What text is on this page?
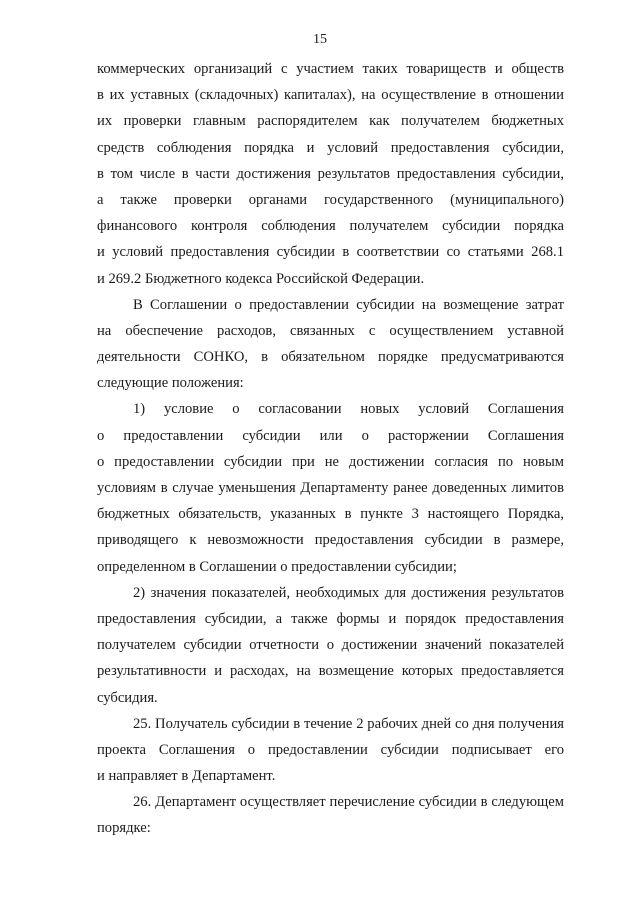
15
коммерческих организаций с участием таких товариществ и обществ
в их уставных (складочных) капиталах), на осуществление в отношении
их проверки главным распорядителем как получателем бюджетных
средств соблюдения порядка и условий предоставления субсидии,
в том числе в части достижения результатов предоставления субсидии,
а также проверки органами государственного (муниципального)
финансового контроля соблюдения получателем субсидии порядка
и условий предоставления субсидии в соответствии со статьями 268.1
и 269.2 Бюджетного кодекса Российской Федерации.
В Соглашении о предоставлении субсидии на возмещение затрат
на обеспечение расходов, связанных с осуществлением уставной
деятельности СОНКО, в обязательном порядке предусматриваются
следующие положения:
1) условие о согласовании новых условий Соглашения
о предоставлении субсидии или о расторжении Соглашения
о предоставлении субсидии при не достижении согласия по новым
условиям в случае уменьшения Департаменту ранее доведенных лимитов
бюджетных обязательств, указанных в пункте 3 настоящего Порядка,
приводящего к невозможности предоставления субсидии в размере,
определенном в Соглашении о предоставлении субсидии;
2) значения показателей, необходимых для достижения результатов
предоставления субсидии, а также формы и порядок предоставления
получателем субсидии отчетности о достижении значений показателей
результативности и расходах, на возмещение которых предоставляется
субсидия.
25. Получатель субсидии в течение 2 рабочих дней со дня получения
проекта Соглашения о предоставлении субсидии подписывает его
и направляет в Департамент.
26. Департамент осуществляет перечисление субсидии в следующем
порядке:
